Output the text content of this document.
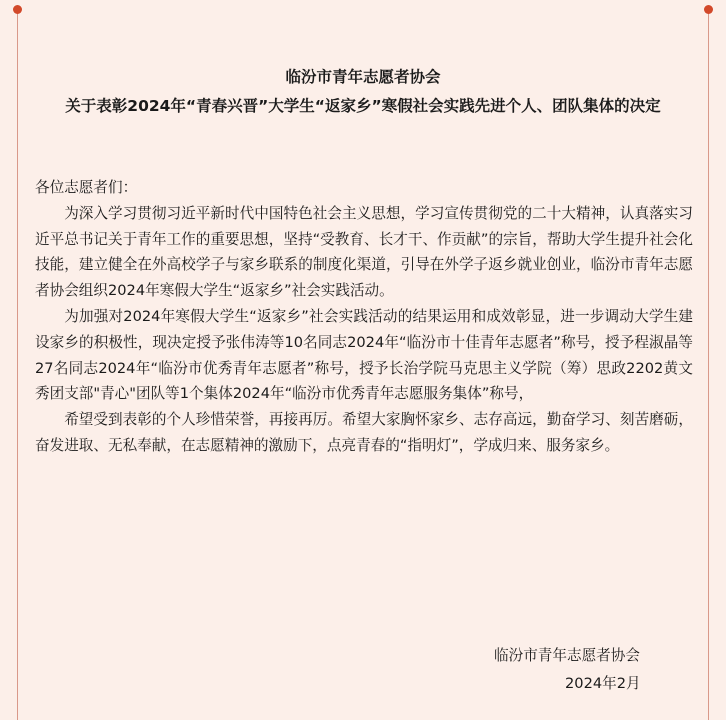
临汾市青年志愿者协会
关于表彰2024年“青春兴晋”大学生“返家乡”寒假社会实践先进个人、团队集体的决定

各位志愿者们：

为深入学习贯彻习近平新时代中国特色社会主义思想，学习宣传贯彻党的二十大精神，认真落实习近平总书记关于青年工作的重要思想，坚持“受教育、长才干、作贡献”的宗旨，帮助大学生提升社会化技能，建立健全在外高校学子与家乡联系的制度化渠道，引导在外学子返乡就业创业，临汾市青年志愿者协会组织2024年寒假大学生“返家乡”社会实践活动。

为加强对2024年寒假大学生“返家乡”社会实践活动的结果运用和成效彰显，进一步调动大学生建设家乡的积极性，现决定授予张伟涛等10名同志2024年“临汾市十佳青年志愿者”称号，授予程淑晶等27名同志2024年“临汾市优秀青年志愿者”称号，授予长治学院马克思主义学院（筹）思政2202黄文秀团支部"青心"团队等1个集体2024年“临汾市优秀青年志愿服务集体”称号，

希望受到表彰的个人珍惜荣誉，再接再厉。希望大家胸怀家乡、志存高远，勤奋学习、刻苦磨砺，奋发进取、无私奉献，在志愿精神的激励下，点亮青春的“指明灯”，学成归来、服务家乡。

临汾市青年志愿者协会
2024年2月
